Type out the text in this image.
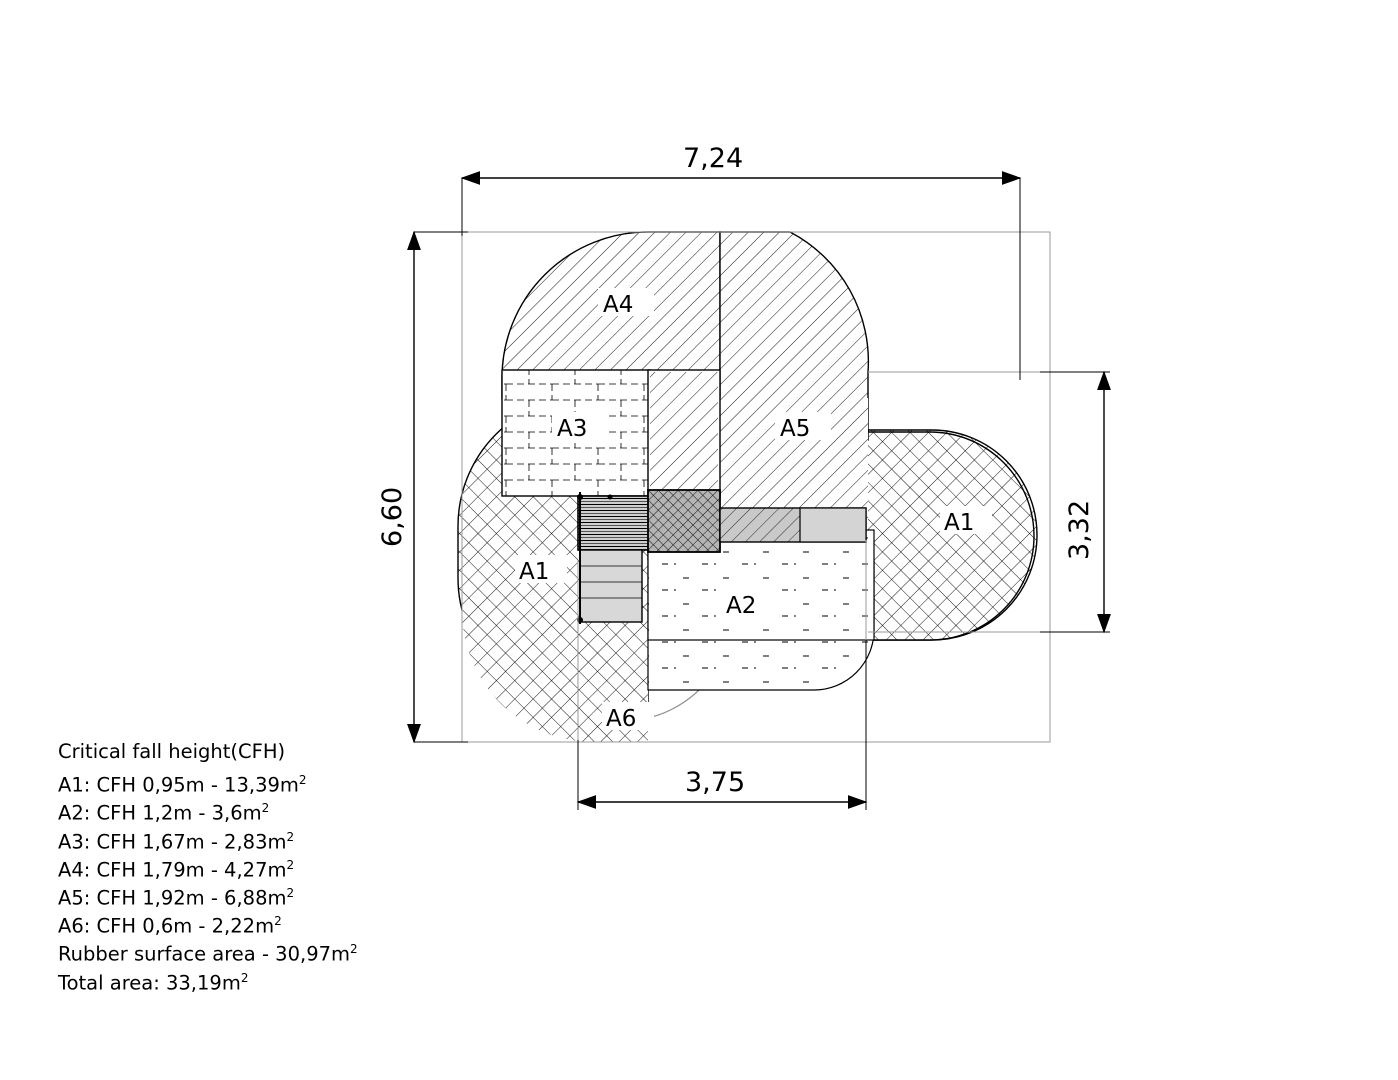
A4
A3	A5
A1
A1
A2
A6
7,24
6,60	3,32
3,75
Critical fall height(CFH)
A1: CFH $0,95m - 13,39m^2$
A2: CFH $1,2m - 3,6m^2$
A3: CFH $1,67m - 2,83m^2$
A4: CFH $1,79m - 4,27m^2$
A5: CFH $1,92m - 6,88m^2$
A6: CFH $0,6m - 2,22m^2$
Rubber surface area - $30,97m^2$
Total area: $33,19m^2$
